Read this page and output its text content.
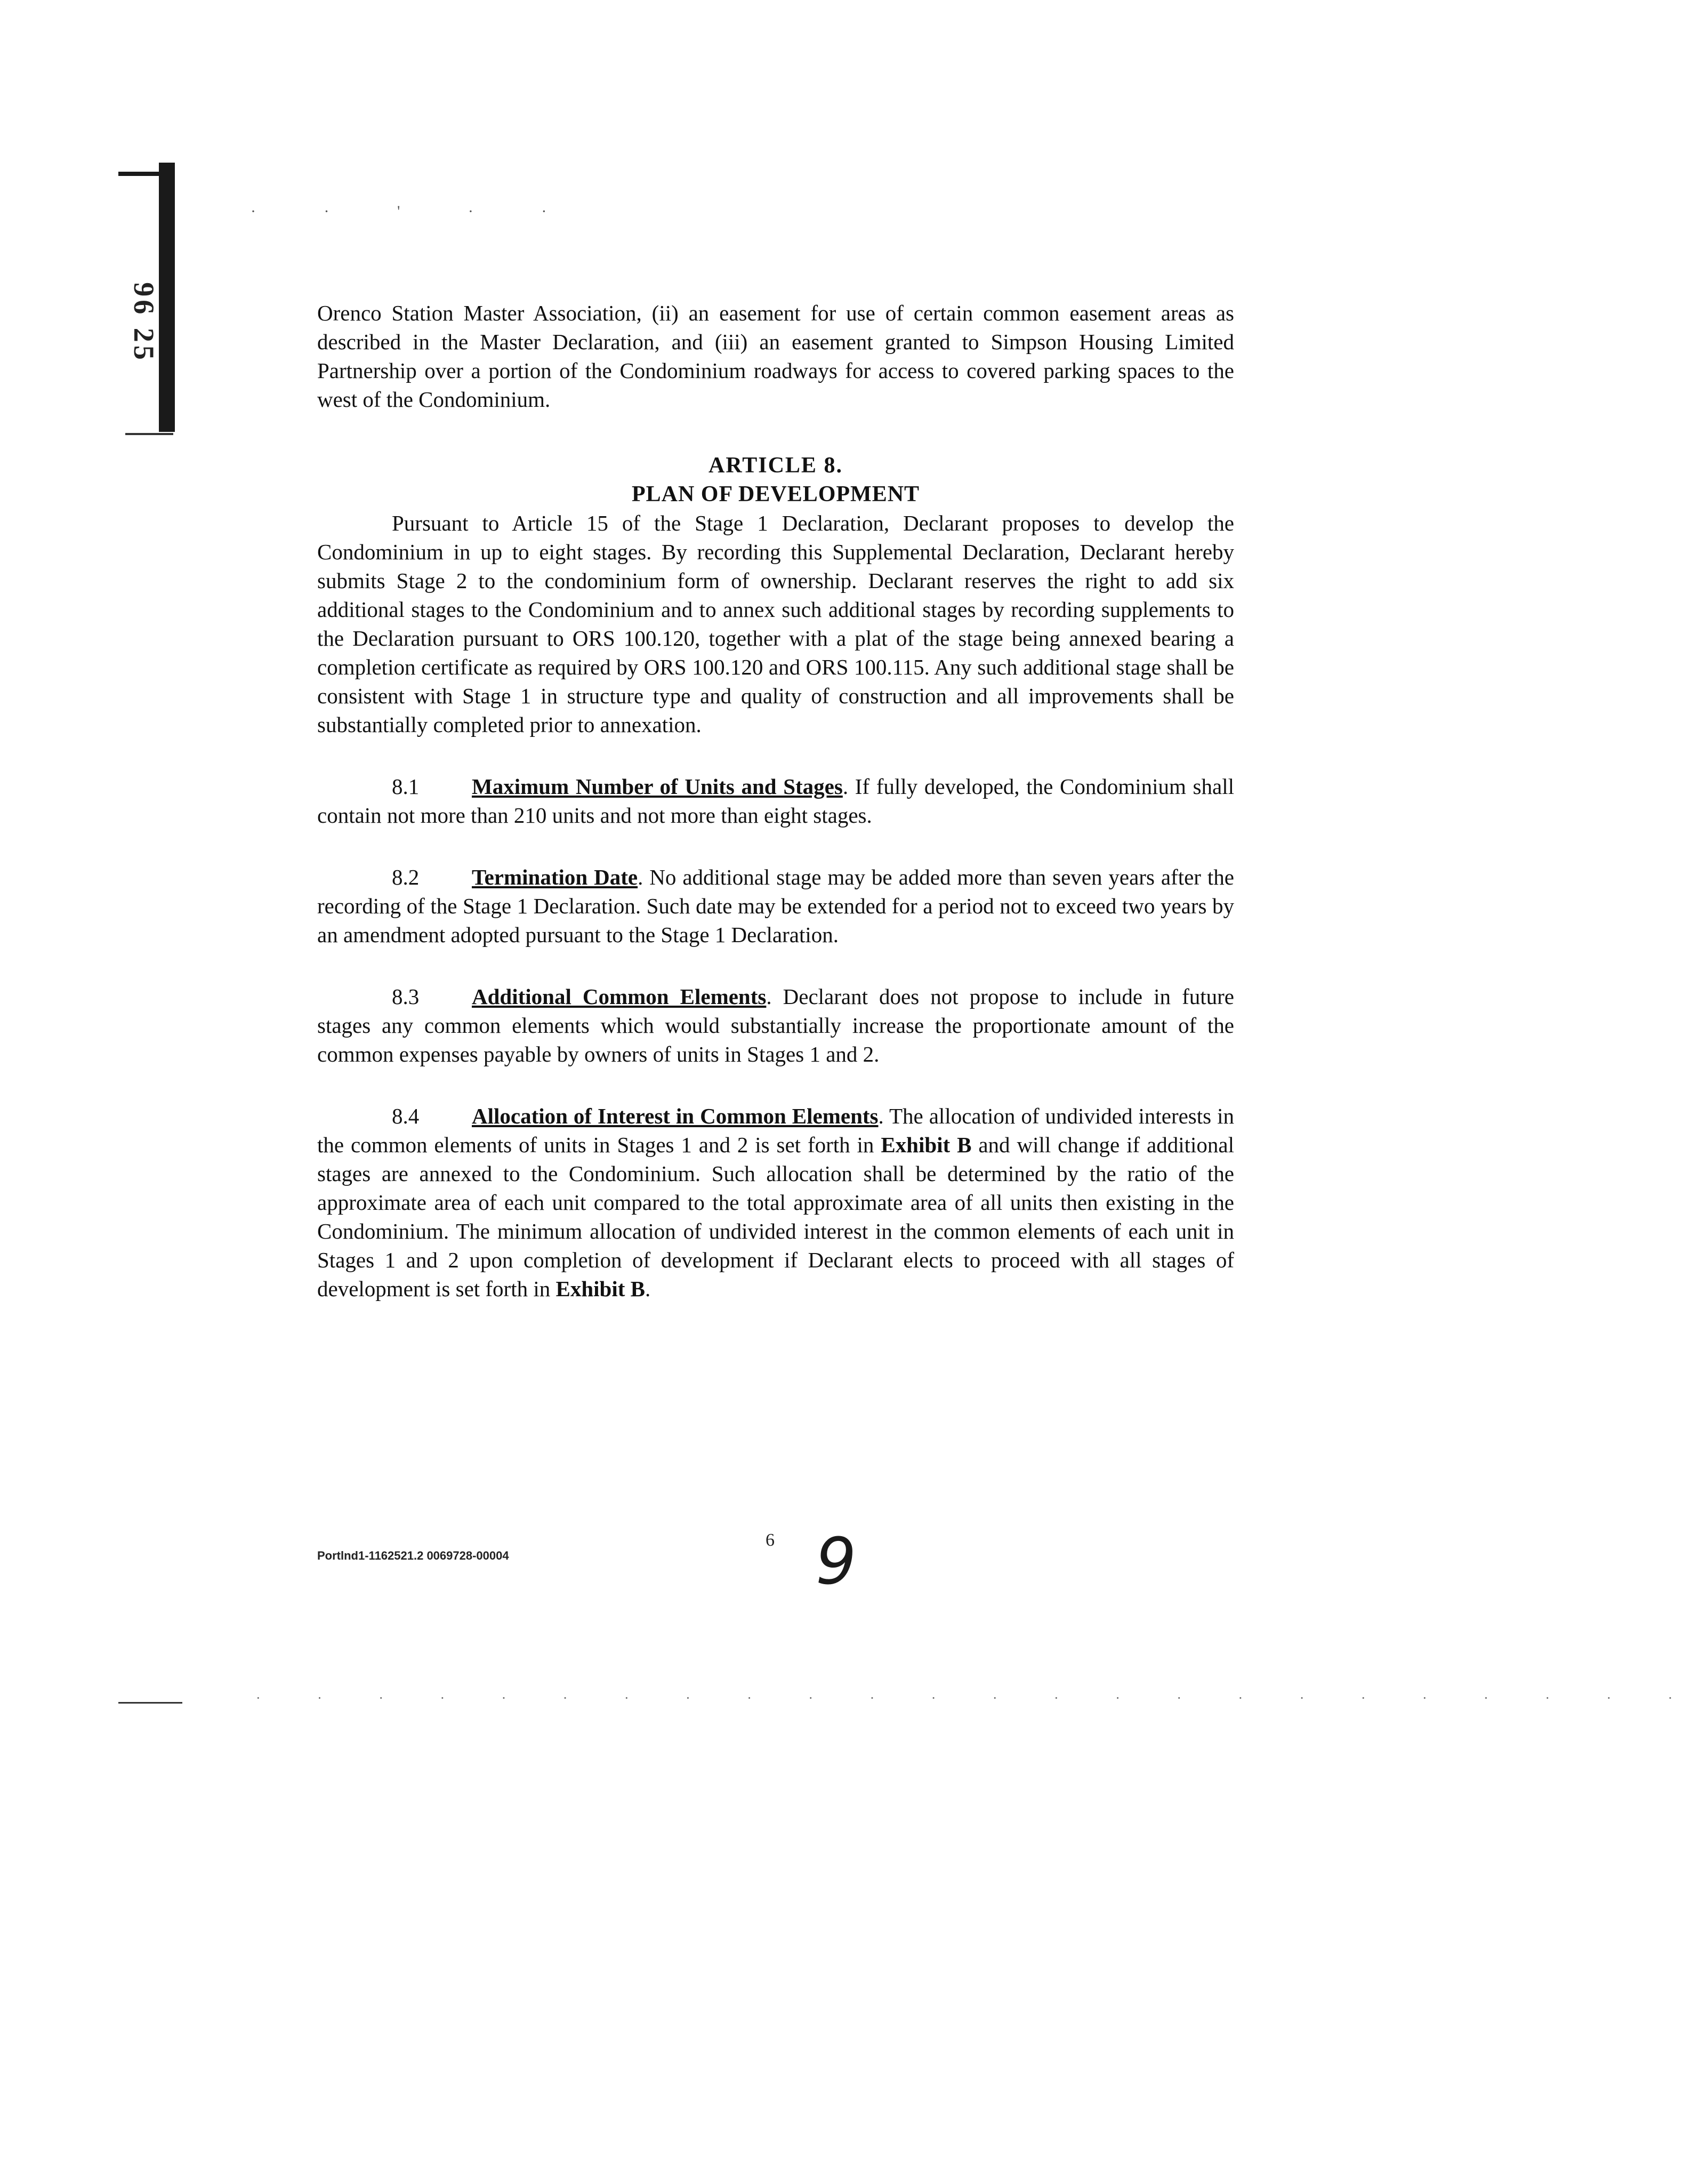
96 25
· · ' · ·

Orenco Station Master Association, (ii) an easement for use of certain common easement areas as described in the Master Declaration, and (iii) an easement granted to Simpson Housing Limited Partnership over a portion of the Condominium roadways for access to covered parking spaces to the west of the Condominium.

ARTICLE 8.

PLAN OF DEVELOPMENT

Pursuant to Article 15 of the Stage 1 Declaration, Declarant proposes to develop the Condominium in up to eight stages. By recording this Supplemental Declaration, Declarant hereby submits Stage 2 to the condominium form of ownership. Declarant reserves the right to add six additional stages to the Condominium and to annex such additional stages by recording supplements to the Declaration pursuant to ORS 100.120, together with a plat of the stage being annexed bearing a completion certificate as required by ORS 100.120 and ORS 100.115. Any such additional stage shall be consistent with Stage 1 in structure type and quality of construction and all improvements shall be substantially completed prior to annexation.

8.1 Maximum Number of Units and Stages. If fully developed, the Condominium shall contain not more than 210 units and not more than eight stages.

8.2 Termination Date. No additional stage may be added more than seven years after the recording of the Stage 1 Declaration. Such date may be extended for a period not to exceed two years by an amendment adopted pursuant to the Stage 1 Declaration.

8.3 Additional Common Elements. Declarant does not propose to include in future stages any common elements which would substantially increase the proportionate amount of the common expenses payable by owners of units in Stages 1 and 2.

8.4 Allocation of Interest in Common Elements. The allocation of undivided interests in the common elements of units in Stages 1 and 2 is set forth in Exhibit B and will change if additional stages are annexed to the Condominium. Such allocation shall be determined by the ratio of the approximate area of each unit compared to the total approximate area of all units then existing in the Condominium. The minimum allocation of undivided interest in the common elements of each unit in Stages 1 and 2 upon completion of development if Declarant elects to proceed with all stages of development is set forth in Exhibit B.

Portlnd1-1162521.2 0069728-00004
6 9
· · · · · · · · · · · · · · · · · · · · · · · ·
